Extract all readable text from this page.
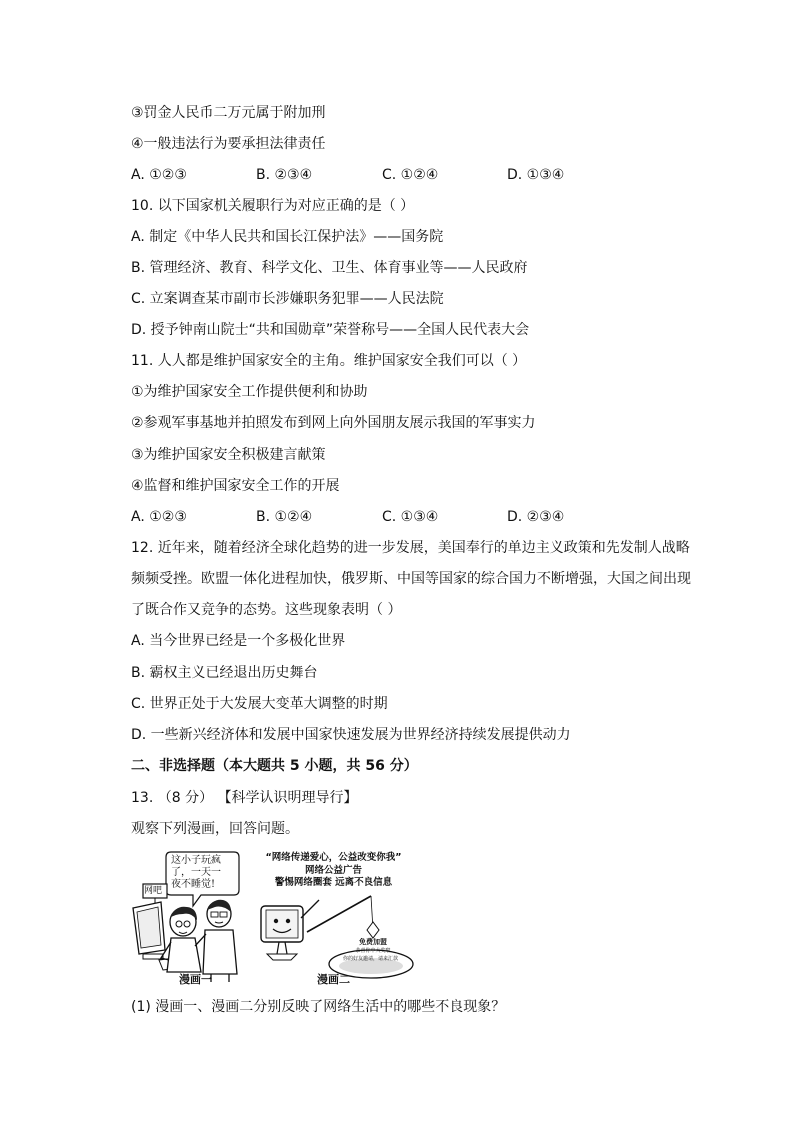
③罚金人民币二万元属于附加刑
④一般违法行为要承担法律责任
A. ①②③	B. ②③④	C. ①②④	D. ①③④
10. 以下国家机关履职行为对应正确的是（ ）
A. 制定《中华人民共和国长江保护法》——国务院
B. 管理经济、教育、科学文化、卫生、体育事业等——人民政府
C. 立案调查某市副市长涉嫌职务犯罪——人民法院
D. 授予钟南山院士“共和国勋章”荣誉称号——全国人民代表大会
11. 人人都是维护国家安全的主角。维护国家安全我们可以（ ）
①为维护国家安全工作提供便利和协助
②参观军事基地并拍照发布到网上向外国朋友展示我国的军事实力
③为维护国家安全积极建言献策
④监督和维护国家安全工作的开展
A. ①②③	B. ①②④	C. ①③④	D. ②③④
12. 近年来，随着经济全球化趋势的进一步发展，美国奉行的单边主义政策和先发制人战略
频频受挫。欧盟一体化进程加快，俄罗斯、中国等国家的综合国力不断增强，大国之间出现
了既合作又竞争的态势。这些现象表明（ ）
A. 当今世界已经是一个多极化世界
B. 霸权主义已经退出历史舞台
C. 世界正处于大发展大变革大调整的时期
D. 一些新兴经济体和发展中国家快速发展为世界经济持续发展提供动力
二、非选择题（本大题共 5 小题，共 56 分）
13. （8 分） 【科学认识明理导行】
观察下列漫画，回答问题。
这小子玩疯
了，一天一
夜不睡觉!
网吧
漫画一
“网络传递爱心，公益改变你我”
网络公益广告
警惕网络圈套 远离不良信息
免费加盟
恭喜你中大奖啦
你的好友邀请，请来汇款
漫画二
(1) 漫画一、漫画二分别反映了网络生活中的哪些不良现象？
